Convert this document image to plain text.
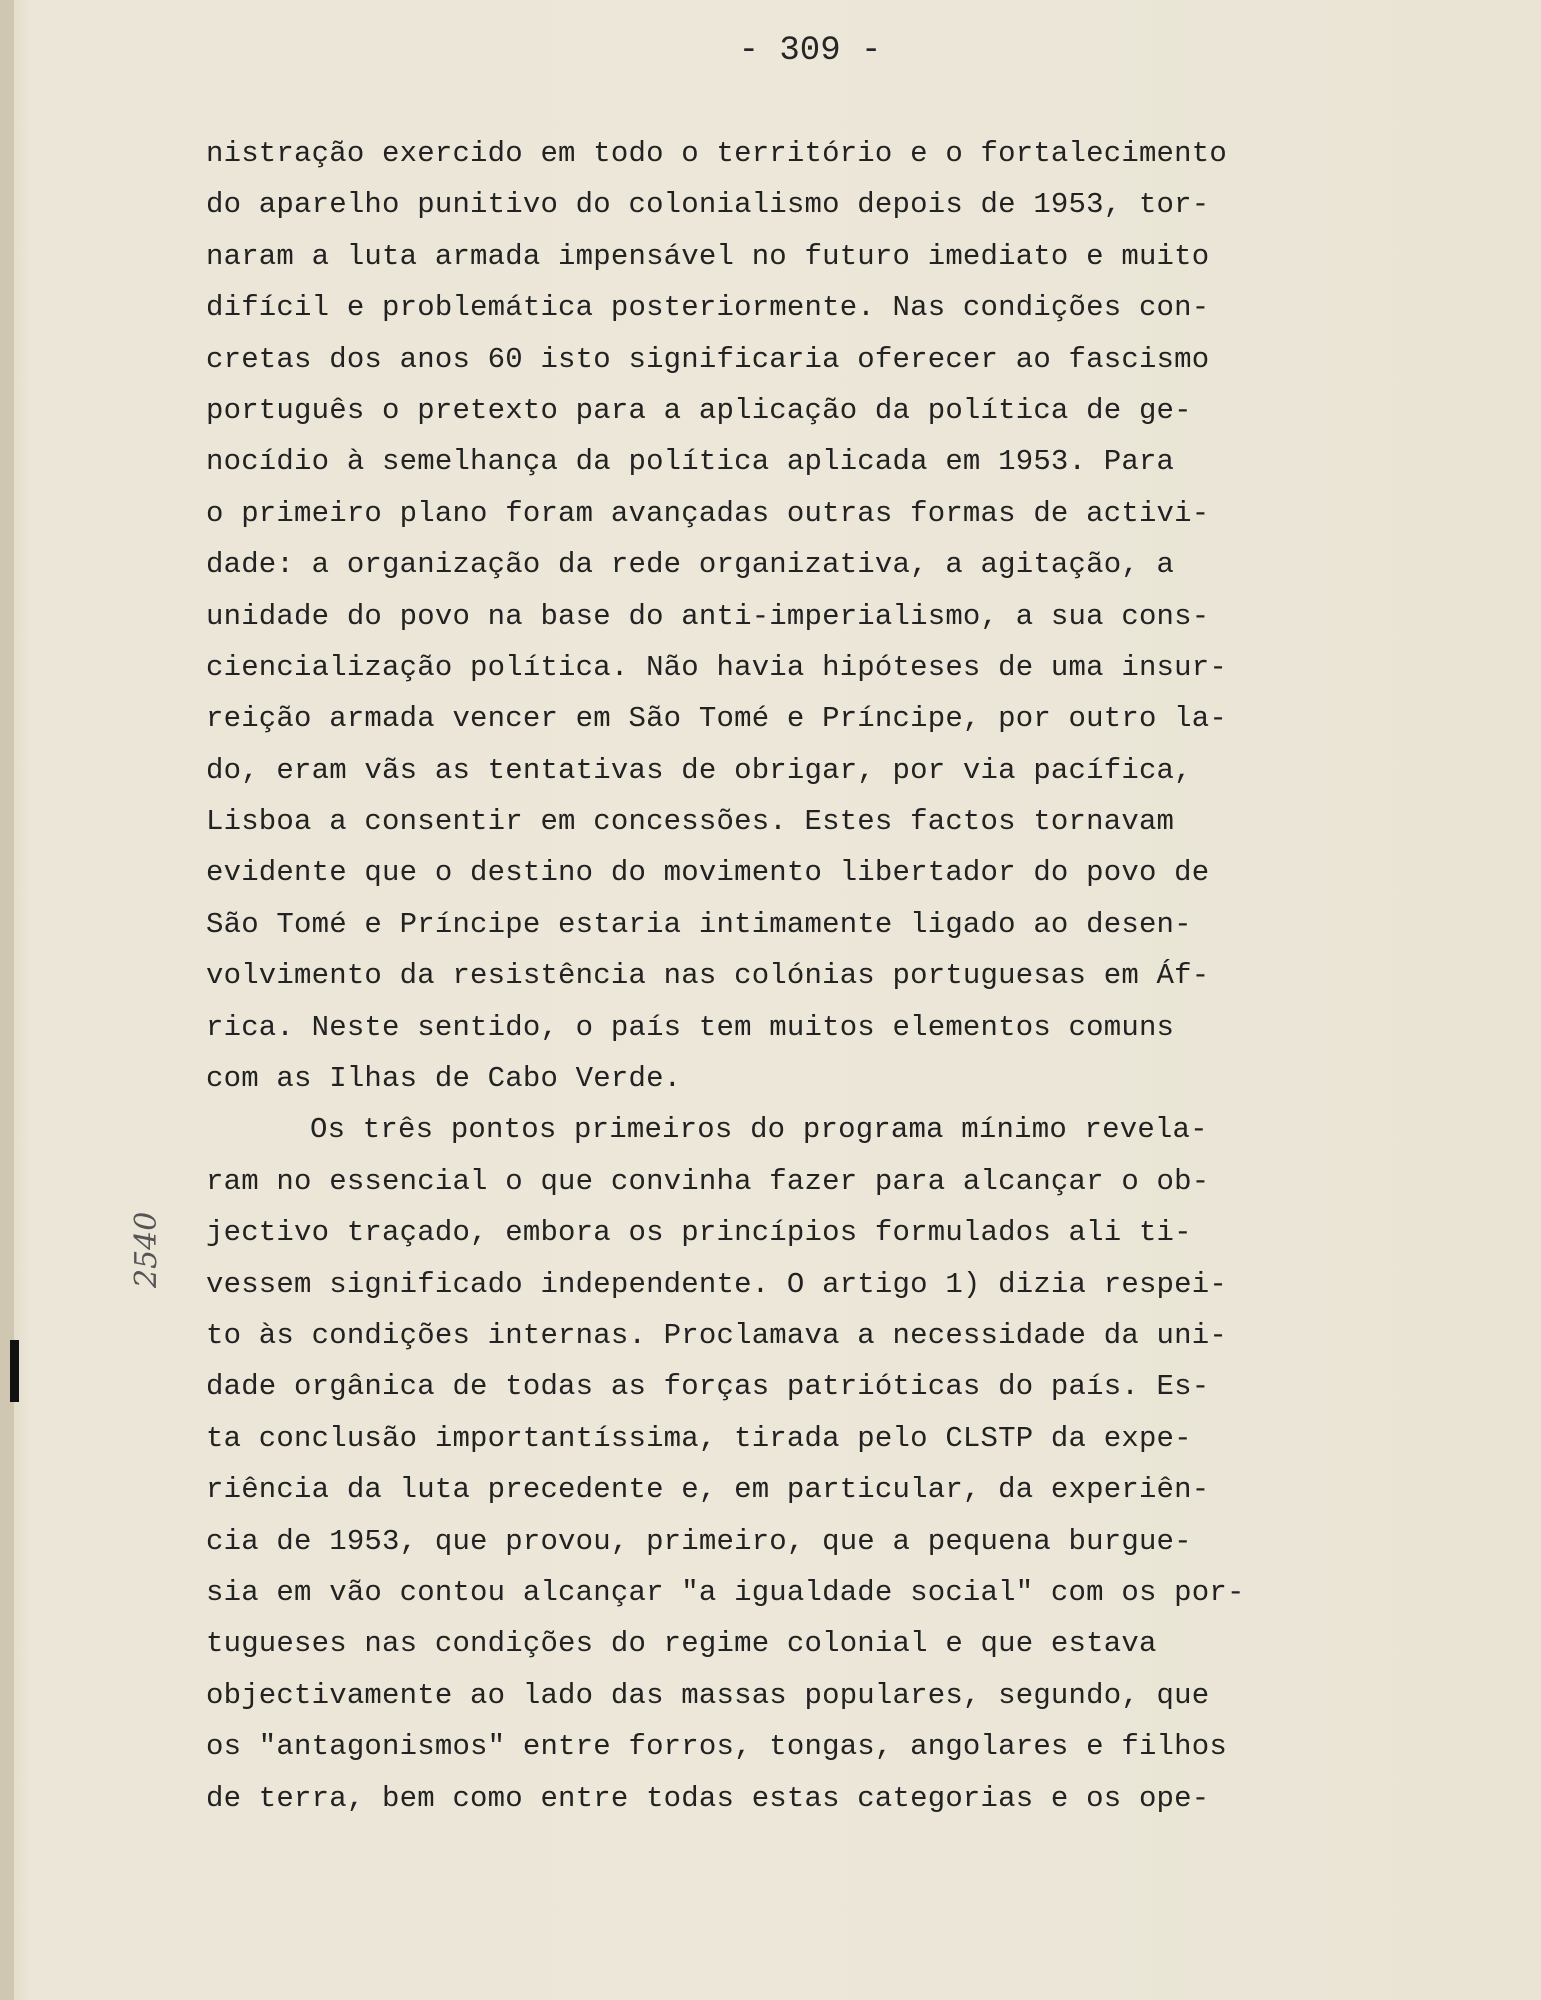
2540
- 309 -
nistração exercido em todo o território e o fortalecimento
do aparelho punitivo do colonialismo depois de 1953, tor-
naram a luta armada impensável no futuro imediato e muito
difícil e problemática posteriormente. Nas condições con-
cretas dos anos 60 isto significaria oferecer ao fascismo
português o pretexto para a aplicação da política de ge-
nocídio à semelhança da política aplicada em 1953. Para
o primeiro plano foram avançadas outras formas de activi-
dade: a organização da rede organizativa, a agitação, a
unidade do povo na base do anti-imperialismo, a sua cons-
ciencialização política. Não havia hipóteses de uma insur-
reição armada vencer em São Tomé e Príncipe, por outro la-
do, eram vãs as tentativas de obrigar, por via pacífica,
Lisboa a consentir em concessões. Estes factos tornavam
evidente que o destino do movimento libertador do povo de
São Tomé e Príncipe estaria intimamente ligado ao desen-
volvimento da resistência nas colónias portuguesas em Áf-
rica. Neste sentido, o país tem muitos elementos comuns
com as Ilhas de Cabo Verde.
Os três pontos primeiros do programa mínimo revela-
ram no essencial o que convinha fazer para alcançar o ob-
jectivo traçado, embora os princípios formulados ali ti-
vessem significado independente. O artigo 1) dizia respei-
to às condições internas. Proclamava a necessidade da uni-
dade orgânica de todas as forças patrióticas do país. Es-
ta conclusão importantíssima, tirada pelo CLSTP da expe-
riência da luta precedente e, em particular, da experiên-
cia de 1953, que provou, primeiro, que a pequena burgue-
sia em vão contou alcançar "a igualdade social" com os por-
tugueses nas condições do regime colonial e que estava
objectivamente ao lado das massas populares, segundo, que
os "antagonismos" entre forros, tongas, angolares e filhos
de terra, bem como entre todas estas categorias e os ope-
